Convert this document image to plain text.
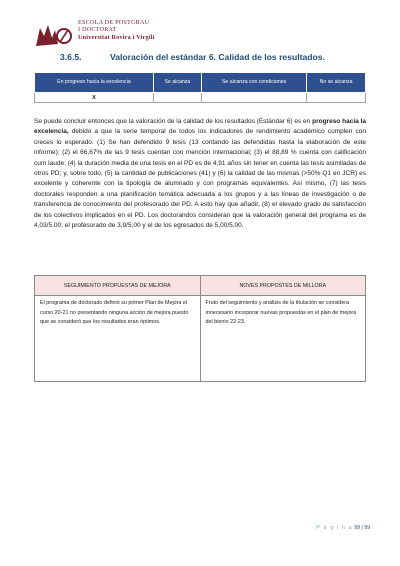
ESCOLA DE POSTGRAU
I DOCTORAT
Universitat Rovira i Virgili
3.6.5.	Valoración del estándar 6. Calidad de los resultados.
En progreso hacia la excelencia	Se alcanza	Se alcanza con condiciones	No se alcanza
X			

Se puede concluir entonces que la valoración de la calidad de los resultados (Estándar 6) es en progreso hacia la excelencia, debido a que la serie temporal de todos los indicadores de rendimiento académico cumplen con creces lo esperado. (1) Se han defendido 9 tesis (13 contando las defendidas hasta la elaboración de este informe); (2) el 66,67% de las 9 tesis cuentan con mención internacional; (3) el 88,89 % cuenta con calificación cum laude; (4) la duración media de una tesis en el PD es de 4,91 años sin tener en cuenta las tesis asimiladas de otros PD; y, sobre todo, (5) la cantidad de publicaciones (41) y (6) la calidad de las mismas (>50% Q1 en JCR) es excelente y coherente con la tipología de alumnado y con programas equivalentes. Así mismo, (7) las tesis doctorales responden a una planificación temática adecuada a los grupos y a las líneas de investigación o de transferencia de conocimiento del profesorado del PD. A esto hay que añadir, (8) el elevado grado de satisfacción de los colectivos implicados en el PD. Los doctorandos consideran que la valoración general del programa es de 4,03/5,00; el profesorado de 3,9/5,00 y el de los egresados de 5,00/5,00.

SEGUIMIENTO PROPUESTAS DE MEJORA	NOVES PROPOSTES DE MILLORA
El programa de doctorado definió su primer Plan de Mejora el curso 20-21 no presentando ninguna acción de mejora puesto que se consideró que los resultados eran óptimos.	Fruto del seguimiento y análisis de la titulación se considera innecesario incorporar nuevas propuestas en el plan de mejora del bienio 22-23.
P á g i n a 99 | 99
